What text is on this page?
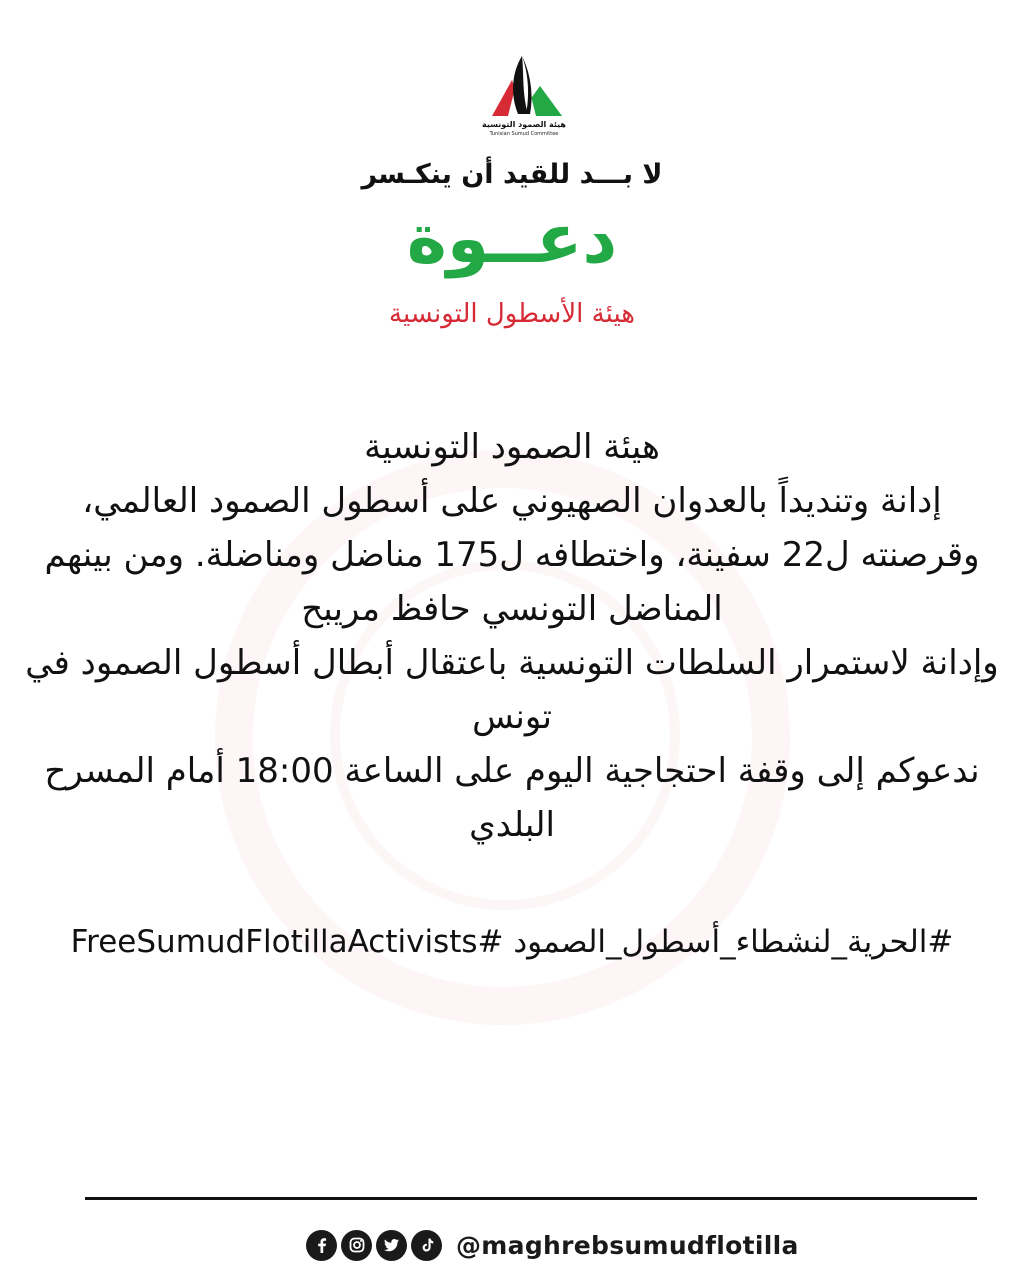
هيئة الصمود التونسية
Tunisian Sumud Committee
لا بـــد للقيد أن ينكـسر
دعــوة
هيئة الأسطول التونسية
هيئة الصمود التونسية
إدانة وتنديداً بالعدوان الصهيوني على أسطول الصمود العالمي،
وقرصنته ل22 سفينة، واختطافه ل175 مناضل ومناضلة. ومن بينهم
المناضل التونسي حافظ مريبح
وإدانة لاستمرار السلطات التونسية باعتقال أبطال أسطول الصمود في
تونس
ندعوكم إلى وقفة احتجاجية اليوم على الساعة 18:00 أمام المسرح
البلدي
#الحرية_لنشطاء_أسطول_الصمود #FreeSumudFlotillaActivists
@maghrebsumudflotilla
